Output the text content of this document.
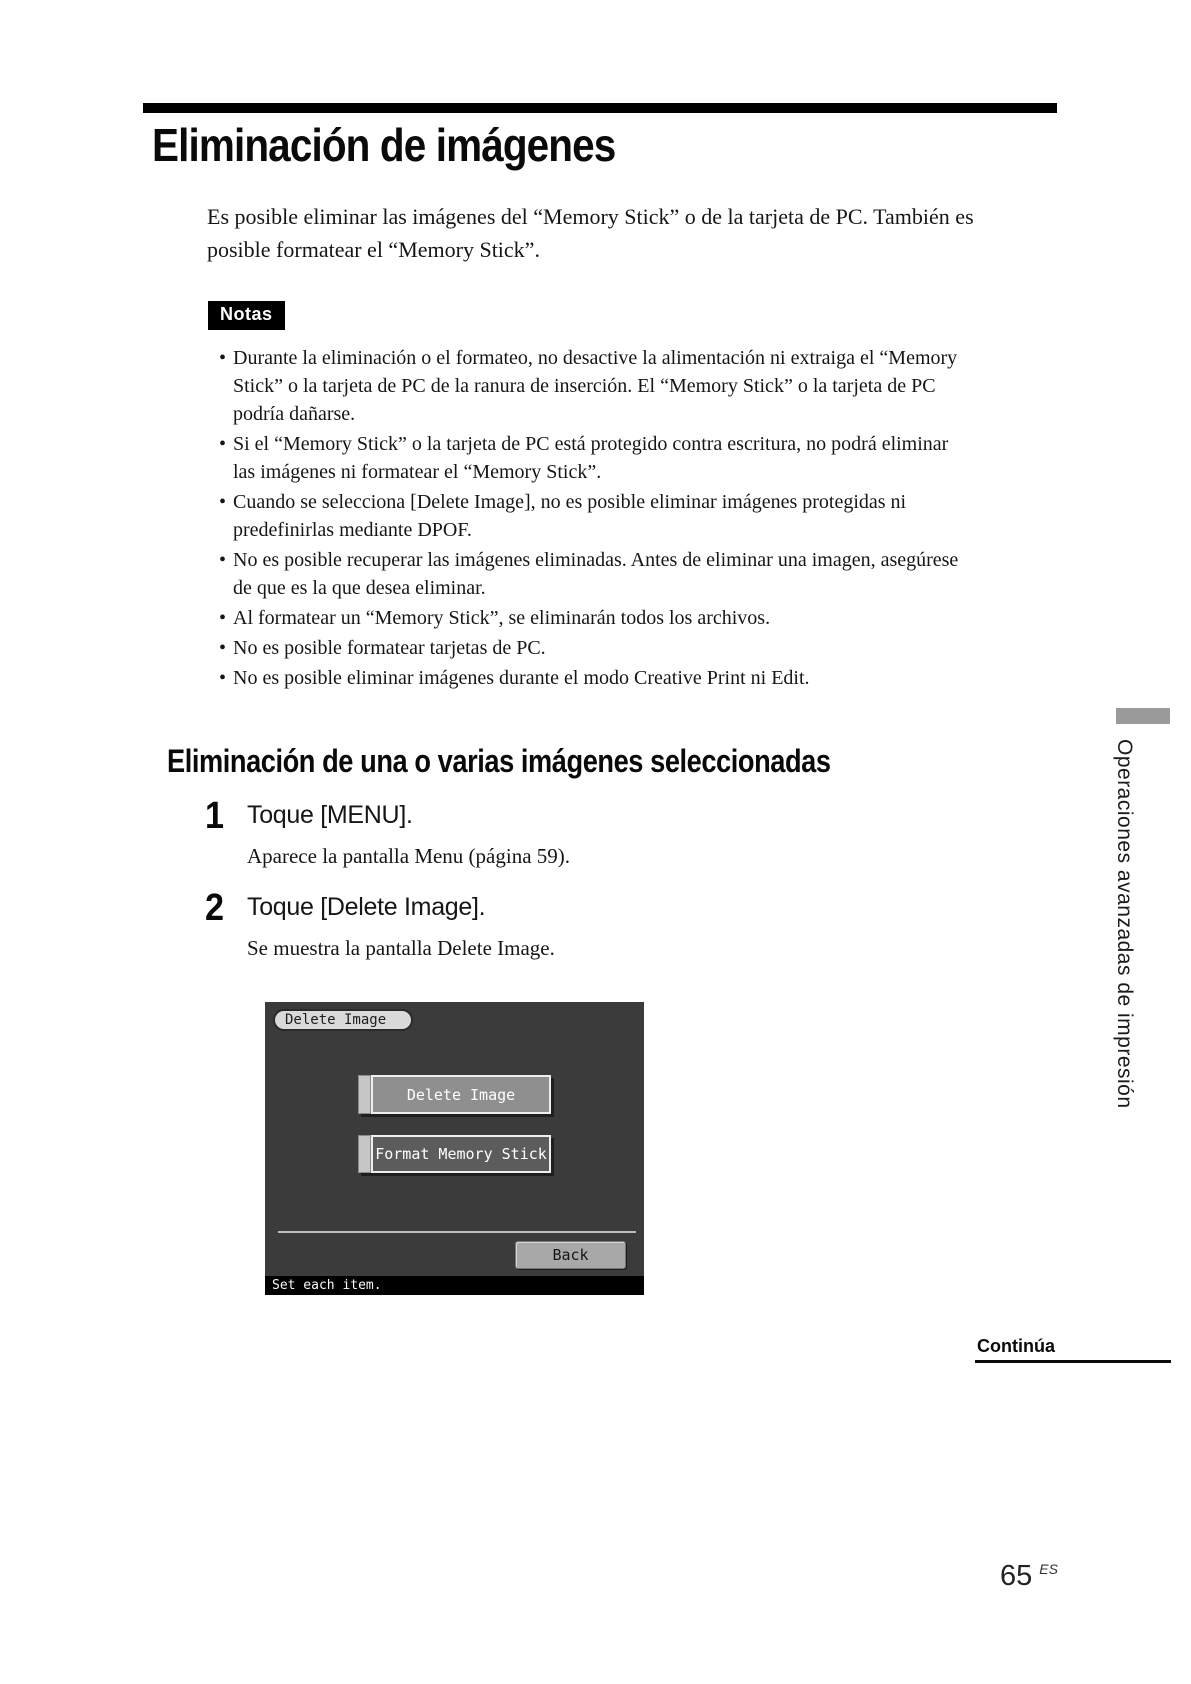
Eliminación de imágenes

Es posible eliminar las imágenes del “Memory Stick” o de la tarjeta de PC. También es posible formatear el “Memory Stick”.

Notas
• Durante la eliminación o el formateo, no desactive la alimentación ni extraiga el “Memory Stick” o la tarjeta de PC de la ranura de inserción. El “Memory Stick” o la tarjeta de PC podría dañarse.
• Si el “Memory Stick” o la tarjeta de PC está protegido contra escritura, no podrá eliminar las imágenes ni formatear el “Memory Stick”.
• Cuando se selecciona [Delete Image], no es posible eliminar imágenes protegidas ni predefinirlas mediante DPOF.
• No es posible recuperar las imágenes eliminadas. Antes de eliminar una imagen, asegúrese de que es la que desea eliminar.
• Al formatear un “Memory Stick”, se eliminarán todos los archivos.
• No es posible formatear tarjetas de PC.
• No es posible eliminar imágenes durante el modo Creative Print ni Edit.
Eliminación de una o varias imágenes seleccionadas
1 Toque [MENU].
Aparece la pantalla Menu (página 59).
2 Toque [Delete Image].
Se muestra la pantalla Delete Image.
Delete Image
Delete Image
Format Memory Stick
Back
Set each item.
Operaciones avanzadas de impresión
Continúa
65 $^{ES}$
